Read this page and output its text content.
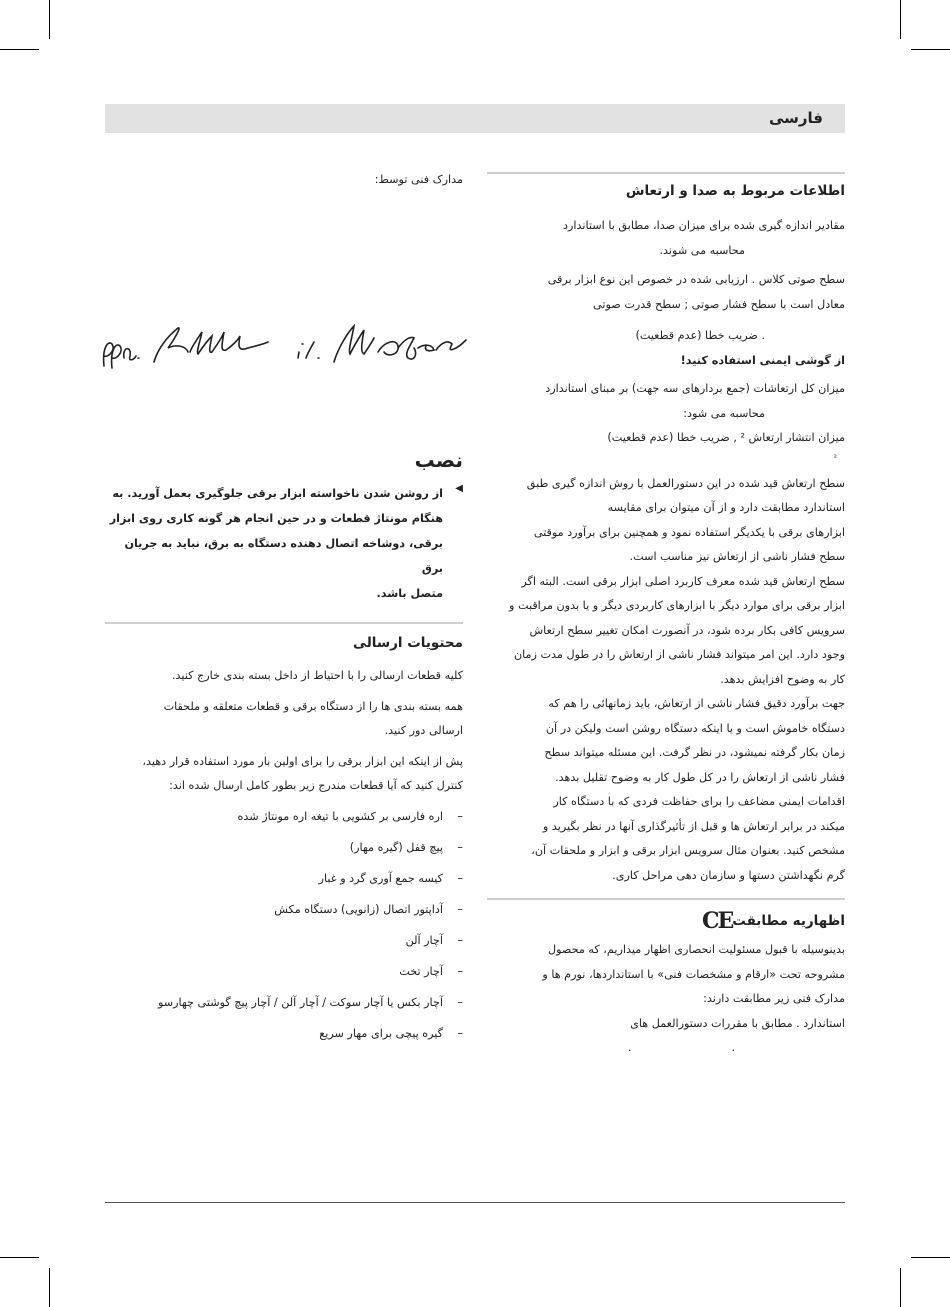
فارسی
اطلاعات مربوط به صدا و ارتعاش

مقادیر اندازه گیری شده برای میزان صدا، مطابق با استاندارد

محاسبه می شوند.

سطح صوتی کلاس . ارزیابی شده در خصوص این نوع ابزار برقی

معادل است با سطح فشار صوتی ; سطح قدرت صوتی

. ضریب خطا (عدم قطعیت)

از گوشی ایمنی استفاده کنید!

میزان کل ارتعاشات (جمع بردارهای سه جهت) بر مبنای استاندارد

محاسبه می شود:

میزان انتشار ارتعاش ² , ضریب خطا (عدم قطعیت)

²

سطح ارتعاش قید شده در این دستورالعمل با روش اندازه گیری طبق

استاندارد مطابقت دارد و از آن میتوان برای مقایسه

ابزارهای برقی با یکدیگر استفاده نمود و همچنین برای برآورد موقتی

سطح فشار ناشی از ارتعاش نیز مناسب است.

سطح ارتعاش قید شده معرف کاربرد اصلی ابزار برقی است. البته اگر

ابزار برقی برای موارد دیگر با ابزارهای کاربردی دیگر و یا بدون مراقبت و

سرویس کافی بکار برده شود، در آنصورت امکان تغییر سطح ارتعاش

وجود دارد. این امر میتواند فشار ناشی از ارتعاش را در طول مدت زمان

کار به وضوح افزایش بدهد.

جهت برآورد دقیق فشار ناشی از ارتعاش، باید زمانهائی را هم که

دستگاه خاموش است و یا اینکه دستگاه روشن است ولیکن در آن

زمان بکار گرفته نمیشود، در نظر گرفت. این مسئله میتواند سطح

فشار ناشی از ارتعاش را در کل طول کار به وضوح تقلیل بدهد.

اقدامات ایمنی مضاعف را برای حفاظت فردی که با دستگاه کار

میکند در برابر ارتعاش ها و قبل از تأثیرگذاری آنها در نظر بگیرید و

مشخص کنید. بعنوان مثال سرویس ابزار برقی و ابزار و ملحقات آن،

گرم نگهداشتن دستها و سازمان دهی مراحل کاری.

اظهاریه مطابقتCE

بدینوسیله با قبول مسئولیت انحصاری اظهار میداریم، که محصول

مشروحه تحت «ارقام و مشخصات فنی» با استانداردها، نورم ها و

مدارک فنی زیر مطابقت دارند:

استاندارد . مطابق با مقررات دستورالعمل های

..

مدارک فنی توسط:

نصب
◀

از روشن شدن ناخواسته ابزار برقی جلوگیری بعمل آورید. به

هنگام مونتاژ قطعات و در حین انجام هر گونه کاری روی ابزار

برقی، دوشاخه اتصال دهنده دستگاه به برق، نباید به جریان برق

متصل باشد.

محتویات ارسالی

کلیه قطعات ارسالی را با احتیاط از داخل بسته بندی خارج کنید.

همه بسته بندی ها را از دستگاه برقی و قطعات متعلقه و ملحقات

ارسالی دور کنید.

پش از اینکه این ابزار برقی را برای اولین بار مورد استفاده قرار دهید،

کنترل کنید که آیا قطعات مندرج زیر بطور کامل ارسال شده اند:

– اره فارسی بر کشویی با تیغه اره مونتاژ شده
– پیچ قفل (گیره مهار)
– کیسه جمع آوری گرد و غبار
– آداپتور اتصال (زانویی) دستگاه مکش
– آچار آلن
– آچار تخت
– آچار بکس یا آچار سوکت / آچار آلن / آچار پیچ گوشتی چهارسو
– گیره پیچی برای مهار سریع
